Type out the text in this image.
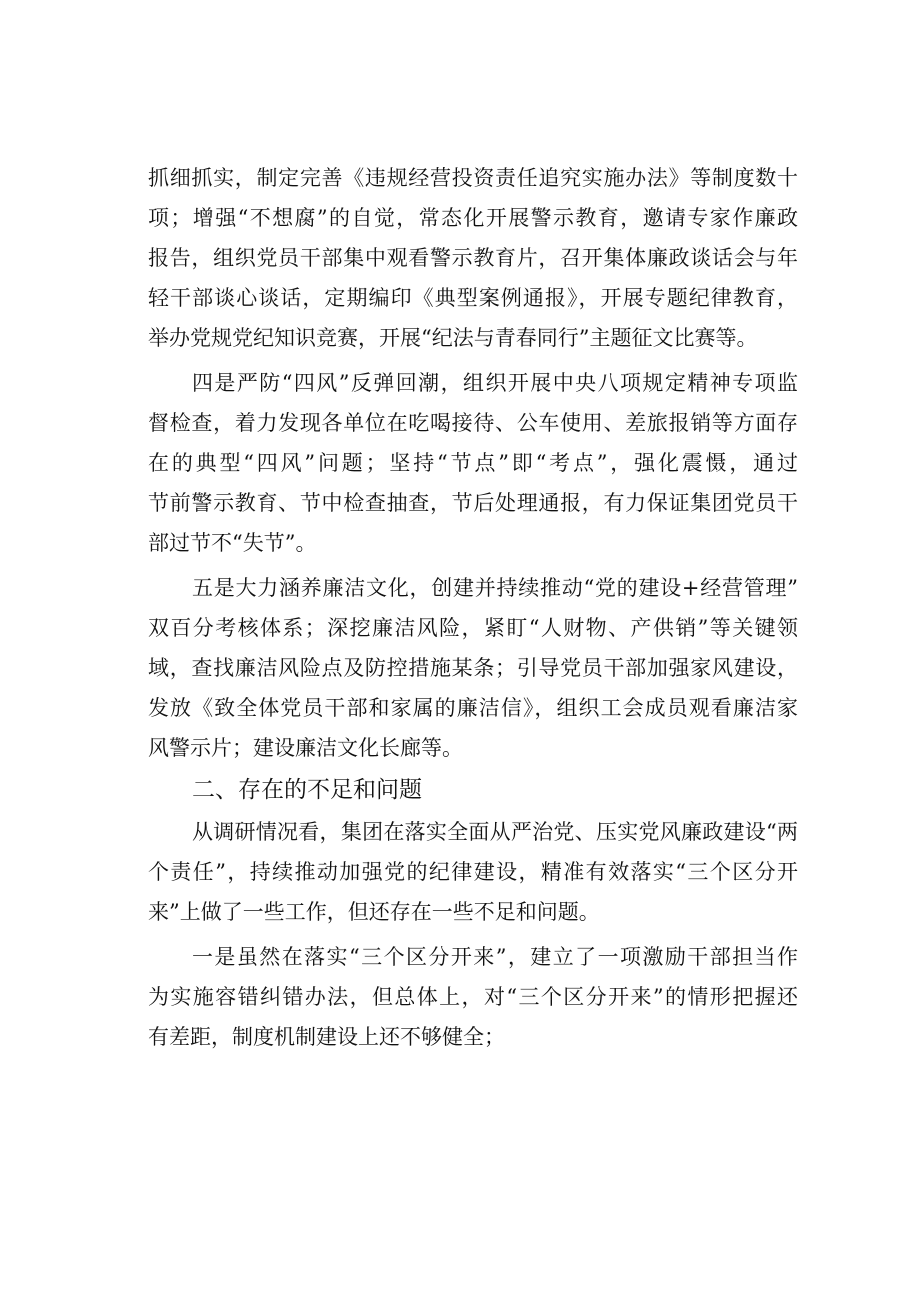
抓细抓实，制定完善《违规经营投资责任追究实施办法》等制度数十
项；增强“不想腐”的自觉，常态化开展警示教育，邀请专家作廉政
报告，组织党员干部集中观看警示教育片，召开集体廉政谈话会与年
轻干部谈心谈话，定期编印《典型案例通报》，开展专题纪律教育，
举办党规党纪知识竞赛，开展“纪法与青春同行”主题征文比赛等。
四是严防“四风”反弹回潮，组织开展中央八项规定精神专项监
督检查，着力发现各单位在吃喝接待、公车使用、差旅报销等方面存
在的典型“四风”问题；坚持“节点”即“考点”，强化震慑，通过
节前警示教育、节中检查抽查，节后处理通报，有力保证集团党员干
部过节不“失节”。
五是大力涵养廉洁文化，创建并持续推动“党的建设+经营管理”
双百分考核体系；深挖廉洁风险，紧盯“人财物、产供销”等关键领
域，查找廉洁风险点及防控措施某条；引导党员干部加强家风建设，
发放《致全体党员干部和家属的廉洁信》，组织工会成员观看廉洁家
风警示片；建设廉洁文化长廊等。
二、存在的不足和问题
从调研情况看，集团在落实全面从严治党、压实党风廉政建设“两
个责任”，持续推动加强党的纪律建设，精准有效落实“三个区分开
来”上做了一些工作，但还存在一些不足和问题。
一是虽然在落实“三个区分开来”，建立了一项激励干部担当作
为实施容错纠错办法，但总体上，对“三个区分开来”的情形把握还
有差距，制度机制建设上还不够健全；
